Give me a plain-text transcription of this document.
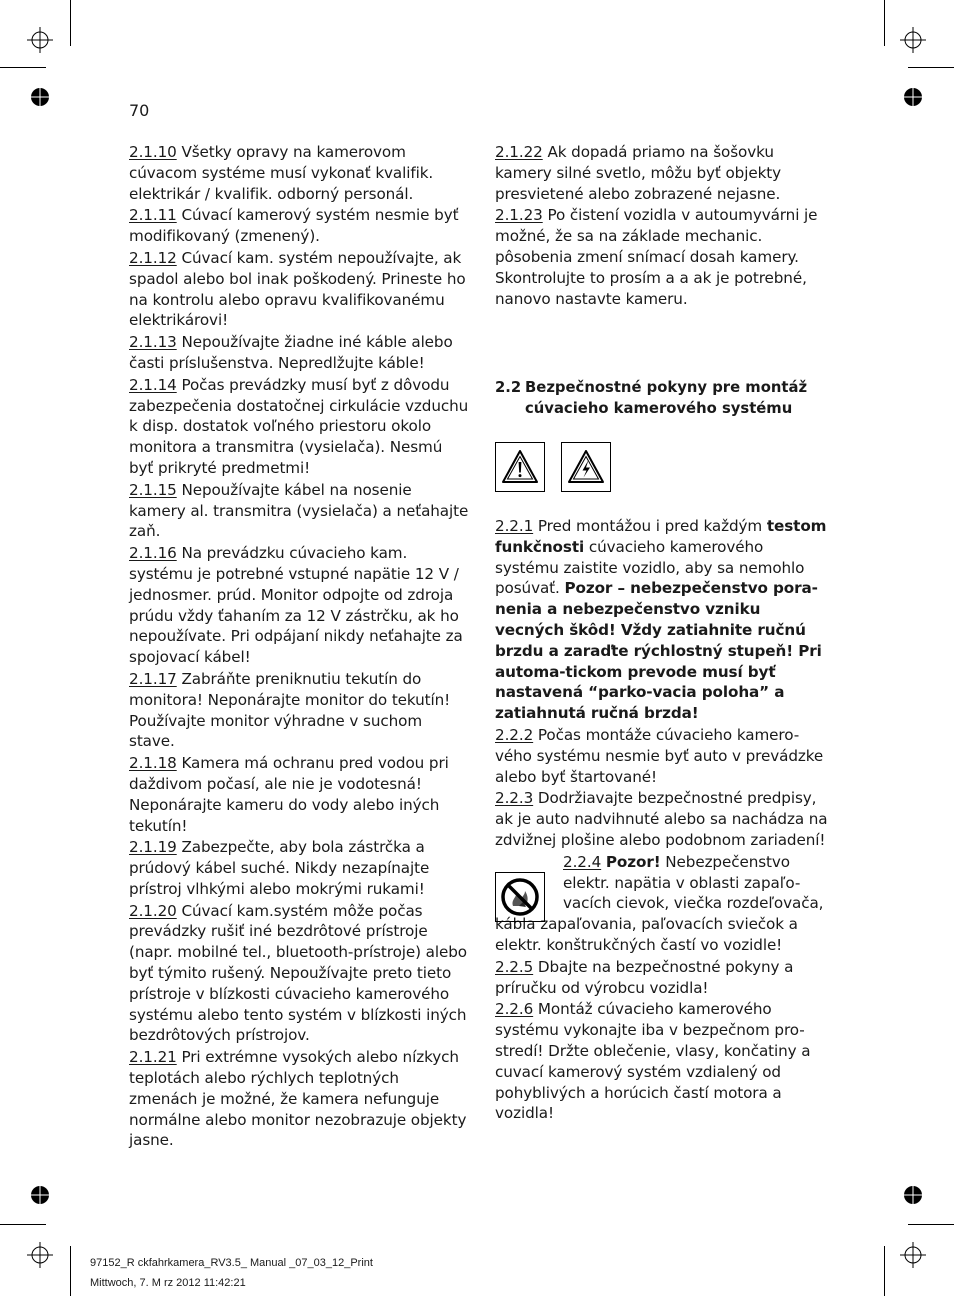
70

2.1.10 Všetky opravy na kamerovom cúvacom systéme musí vykonať kvalifik. elektrikár / kvalifik. odborný personál.

2.1.11 Cúvací kamerový systém nesmie byť modifikovaný (zmenený).

2.1.12 Cúvací kam. systém nepoužívajte, ak spadol alebo bol inak poškodený. Prineste ho na kontrolu alebo opravu kvalifikovanému elektrikárovi!

2.1.13 Nepoužívajte žiadne iné káble alebo časti príslušenstva. Nepredlžujte káble!

2.1.14 Počas prevádzky musí byť z dôvodu zabezpečenia dostatočnej cirkulácie vzduchu k disp. dostatok voľného priestoru okolo monitora a transmitra (vysielača). Nesmú byť prikryté predmetmi!

2.1.15 Nepoužívajte kábel na nosenie kamery al. transmitra (vysielača) a neťahajte zaň.

2.1.16 Na prevádzku cúvacieho kam. systému je potrebné vstupné napätie 12 V / jednosmer. prúd. Monitor odpojte od zdroja prúdu vždy ťahaním za 12 V zástrčku, ak ho nepoužívate. Pri odpájaní nikdy neťahajte za spojovací kábel!

2.1.17 Zabráňte preniknutiu tekutín do monitora! Neponárajte monitor do tekutín! Používajte monitor výhradne v suchom stave.

2.1.18 Kamera má ochranu pred vodou pri daždivom počasí, ale nie je vodotesná! Neponárajte kameru do vody alebo iných tekutín!

2.1.19 Zabezpečte, aby bola zástrčka a prúdový kábel suché. Nikdy nezapínajte prístroj vlhkými alebo mokrými rukami!

2.1.20 Cúvací kam.systém môže počas prevádzky rušiť iné bezdrôtové prístroje (napr. mobilné tel., bluetooth-prístroje) alebo byť týmito rušený. Nepoužívajte preto tieto prístroje v blízkosti cúvacieho kamerového systému alebo tento systém v blízkosti iných bezdrôtových prístrojov.

2.1.21 Pri extrémne vysokých alebo nízkych teplotách alebo rýchlych teplotných zmenách je možné, že kamera nefunguje normálne alebo monitor nezobrazuje objekty jasne.

2.1.22 Ak dopadá priamo na šošovku kamery silné svetlo, môžu byť objekty presvietené alebo zobrazené nejasne.

2.1.23 Po čistení vozidla v autoumyvárni je možné, že sa na základe mechanic. pôsobenia zmení snímací dosah kamery. Skontrolujte to prosím a a ak je potrebné, nanovo nastavte kameru.

2.2 Bezpečnostné pokyny pre montáž
cúvacieho kamerového systému

2.2.1 Pred montážou i pred každým testom funkčnosti cúvacieho kamerového systému zaistite vozidlo, aby sa nemohlo posúvať. Pozor – nebezpečenstvo pora-nenia a nebezpečenstvo vzniku vecných škôd! Vždy zatiahnite ručnú brzdu a zaraďte rýchlostný stupeň! Pri automa-tickom prevode musí byť nastavená “parko-vacia poloha” a zatiahnutá ručná brzda!

2.2.2 Počas montáže cúvacieho kamero-vého systému nesmie byť auto v prevádzke alebo byť štartované!

2.2.3 Dodržiavajte bezpečnostné predpisy, ak je auto nadvihnuté alebo sa nachádza na zdvižnej plošine alebo podobnom zariadení!

2.2.4 Pozor! Nebezpečenstvo elektr. napätia v oblasti zapaľo-vacích cievok, viečka rozdeľovača, kábla zapaľovania, paľovacích sviečok a elektr. konštrukčných častí vo vozidle!

2.2.5 Dbajte na bezpečnostné pokyny a príručku od výrobcu vozidla!

2.2.6 Montáž cúvacieho kamerového systému vykonajte iba v bezpečnom pro-stredí! Držte oblečenie, vlasy, končatiny a cuvací kamerový systém vzdialený od pohyblivých a horúcich častí motora a vozidla!

97152_R ckfahrkamera_RV3.5_ Manual _07_03_12_Print
Mittwoch, 7. M rz 2012 11:42:21
